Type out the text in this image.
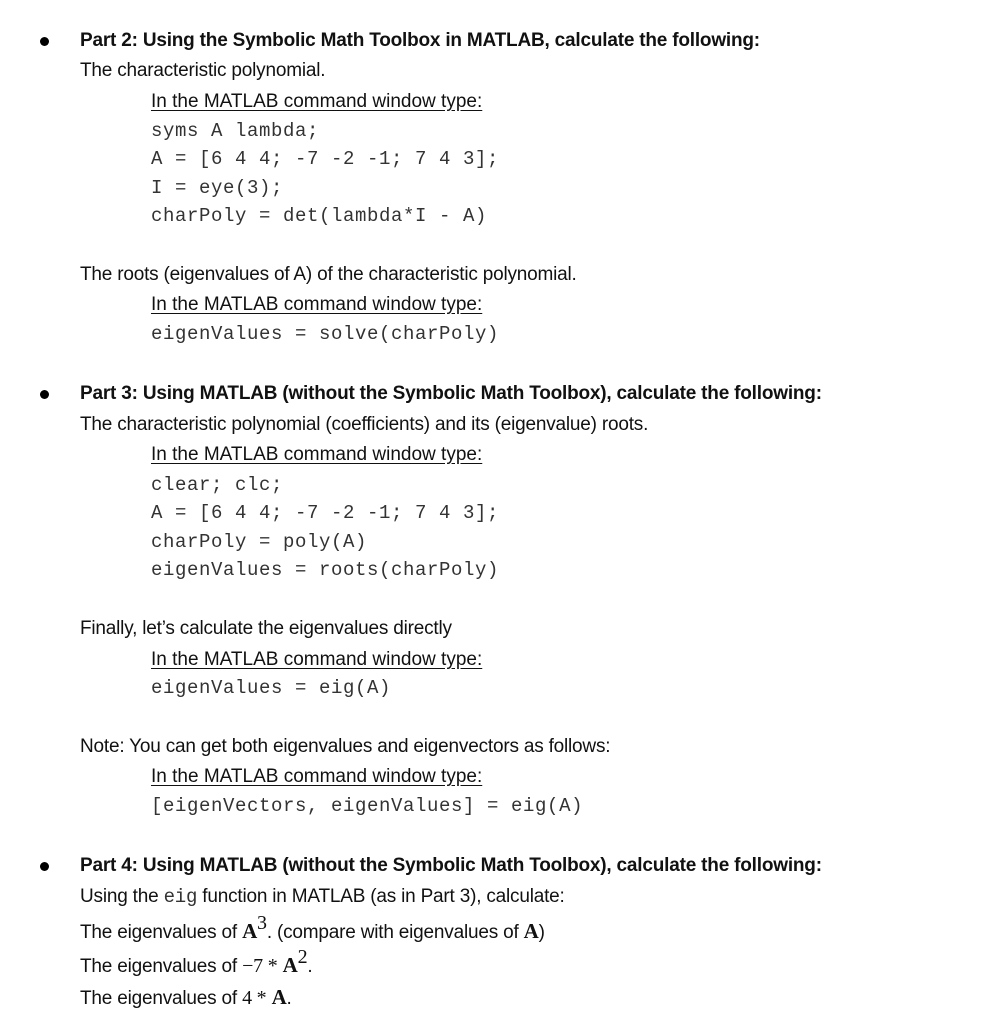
Part 2: Using the Symbolic Math Toolbox in MATLAB, calculate the following:
The characteristic polynomial.
In the MATLAB command window type:
syms A lambda;
A = [6 4 4; -7 -2 -1; 7 4 3];
I = eye(3);
charPoly = det(lambda*I - A)
The roots (eigenvalues of A) of the characteristic polynomial.
In the MATLAB command window type:
eigenValues = solve(charPoly)
Part 3: Using MATLAB (without the Symbolic Math Toolbox), calculate the following:
The characteristic polynomial (coefficients) and its (eigenvalue) roots.
In the MATLAB command window type:
clear; clc;
A = [6 4 4; -7 -2 -1; 7 4 3];
charPoly = poly(A)
eigenValues = roots(charPoly)
Finally, let’s calculate the eigenvalues directly
In the MATLAB command window type:
eigenValues = eig(A)
Note: You can get both eigenvalues and eigenvectors as follows:
In the MATLAB command window type:
[eigenVectors, eigenValues] = eig(A)
Part 4: Using MATLAB (without the Symbolic Math Toolbox), calculate the following:
Using the eig function in MATLAB (as in Part 3), calculate:
The eigenvalues of $A^3$. (compare with eigenvalues of A)
The eigenvalues of $-7 * A^2$.
The eigenvalues of 4 * A.
